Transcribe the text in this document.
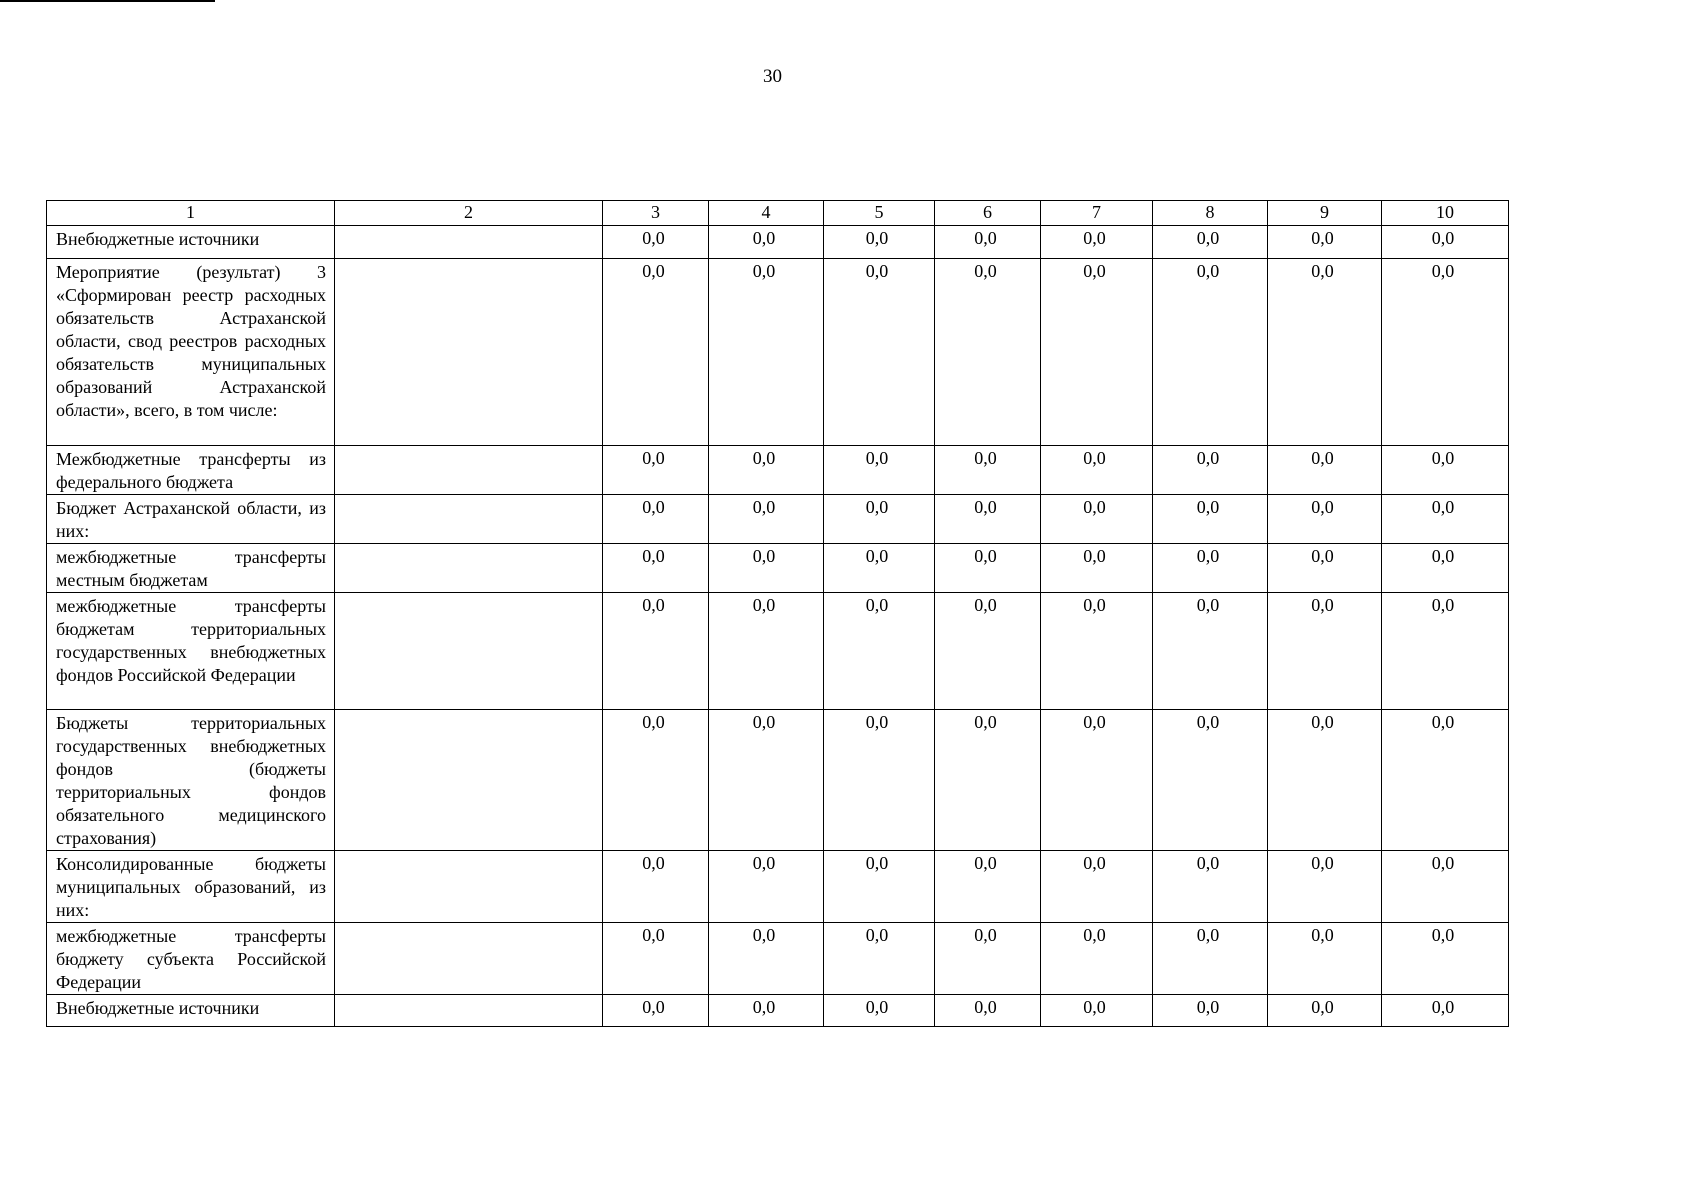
30
1	2	3	4	5	6	7	8	9	10
Внебюджетные источники		0,0	0,0	0,0	0,0	0,0	0,0	0,0	0,0
Мероприятие (результат) 3 «Сформирован реестр расходных обязательств Астраханской области, свод реестров расходных обязательств муниципальных образований Астраханской области», всего, в том числе:		0,0	0,0	0,0	0,0	0,0	0,0	0,0	0,0
Межбюджетные трансферты из федерального бюджета		0,0	0,0	0,0	0,0	0,0	0,0	0,0	0,0
Бюджет Астраханской области, из них:		0,0	0,0	0,0	0,0	0,0	0,0	0,0	0,0
межбюджетные трансферты местным бюджетам		0,0	0,0	0,0	0,0	0,0	0,0	0,0	0,0
межбюджетные трансферты бюджетам территориальных государственных внебюджетных фондов Российской Федерации		0,0	0,0	0,0	0,0	0,0	0,0	0,0	0,0
Бюджеты территориальных государственных внебюджетных фондов (бюджеты территориальных фондов обязательного медицинского страхования)		0,0	0,0	0,0	0,0	0,0	0,0	0,0	0,0
Консолидированные бюджеты муниципальных образований, из них:		0,0	0,0	0,0	0,0	0,0	0,0	0,0	0,0
межбюджетные трансферты бюджету субъекта Российской Федерации		0,0	0,0	0,0	0,0	0,0	0,0	0,0	0,0
Внебюджетные источники		0,0	0,0	0,0	0,0	0,0	0,0	0,0	0,0
